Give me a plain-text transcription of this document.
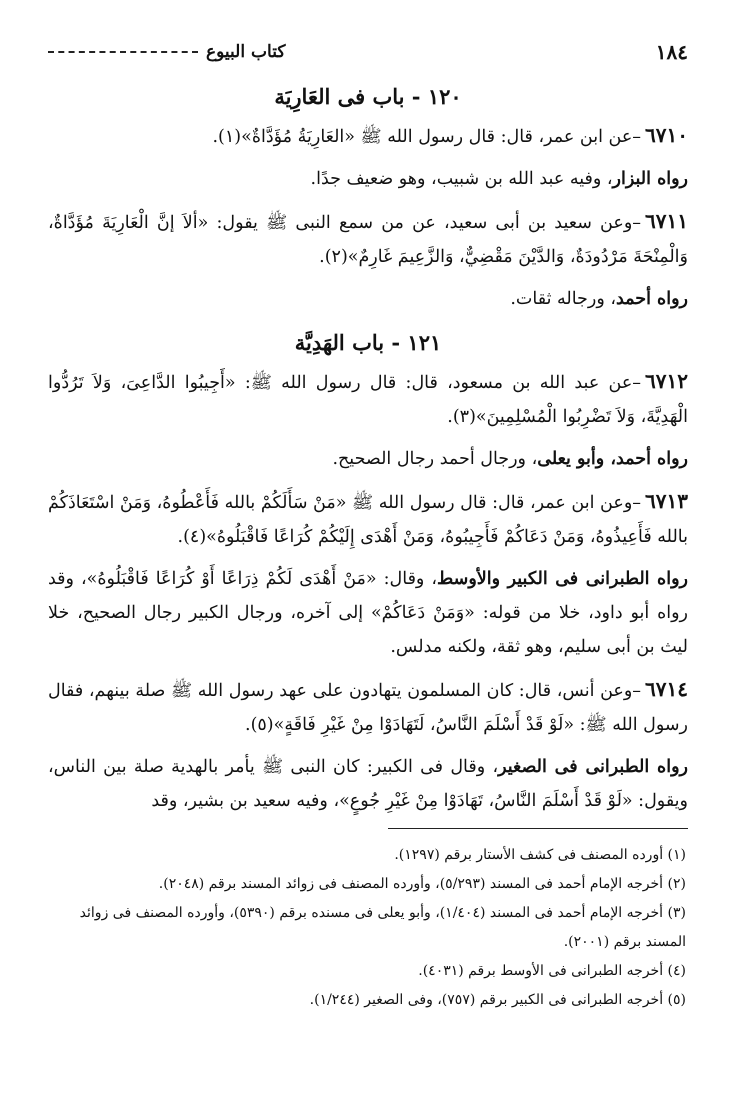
١٨٤
كتاب البيوع
١٢٠ - باب فى العَارِيَة

٦٧١٠–عن ابن عمر، قال: قال رسول الله ﷺ «العَارِيَةُ مُؤَدَّاةٌ»(١).

رواه البزار، وفيه عبد الله بن شبيب، وهو ضعيف جدًا.

٦٧١١–وعن سعيد بن أبى سعيد، عن من سمع النبى ﷺ يقول: «ألاَ إنَّ الْعَارِيَةَ مُؤَدَّاةٌ، وَالْمِنْحَةَ مَرْدُودَةٌ، وَالدَّيْنَ مَقْضِيٌّ، وَالزَّعِيمَ غَارِمٌ»(٢).

رواه أحمد، ورجاله ثقات.

١٢١ - باب الهَدِيَّة

٦٧١٢–عن عبد الله بن مسعود، قال: قال رسول الله ﷺ: «أَجِيبُوا الدَّاعِىَ، وَلاَ تَرُدُّوا الْهَدِيَّةَ، وَلاَ تَضْرِبُوا الْمُسْلِمِينَ»(٣).

رواه أحمد، وأبو يعلى، ورجال أحمد رجال الصحيح.

٦٧١٣–وعن ابن عمر، قال: قال رسول الله ﷺ «مَنْ سَأَلَكُمْ بالله فَأَعْطُوهُ، وَمَنْ اسْتَعَاذَكُمْ بالله فَأَعِيذُوهُ، وَمَنْ دَعَاكُمْ فَأَجِيبُوهُ، وَمَنْ أَهْدَى إِلَيْكُمْ كُرَاعًا فَاقْبَلُوهُ»(٤).

رواه الطبرانى فى الكبير والأوسط، وقال: «مَنْ أَهْدَى لَكُمْ ذِرَاعًا أَوْ كُرَاعًا فَاقْبَلُوهُ»، وقد رواه أبو داود، خلا من قوله: «وَمَنْ دَعَاكُمْ» إلى آخره، ورجال الكبير رجال الصحيح، خلا ليث بن أبى سليم، وهو ثقة، ولكنه مدلس.

٦٧١٤–وعن أنس، قال: كان المسلمون يتهادون على عهد رسول الله ﷺ صلة بينهم، فقال رسول الله ﷺ: «لَوْ قَدْ أَسْلَمَ النَّاسُ، لَتَهَادَوْا مِنْ غَيْرِ فَاقَةٍ»(٥).

رواه الطبرانى فى الصغير، وقال فى الكبير: كان النبى ﷺ يأمر بالهدية صلة بين الناس، ويقول: «لَوْ قَدْ أَسْلَمَ النَّاسُ، تَهَادَوْا مِنْ غَيْرِ جُوعٍ»، وفيه سعيد بن بشير، وقد

(١) أورده المصنف فى كشف الأستار برقم (١٢٩٧).
(٢) أخرجه الإمام أحمد فى المسند (٥/٢٩٣)، وأورده المصنف فى زوائد المسند برقم (٢٠٤٨).
(٣) أخرجه الإمام أحمد فى المسند (١/٤٠٤)، وأبو يعلى فى مسنده برقم (٥٣٩٠)، وأورده المصنف فى زوائد المسند برقم (٢٠٠١).
(٤) أخرجه الطبرانى فى الأوسط برقم (٤٠٣١).
(٥) أخرجه الطبرانى فى الكبير برقم (٧٥٧)، وفى الصغير (١/٢٤٤).
